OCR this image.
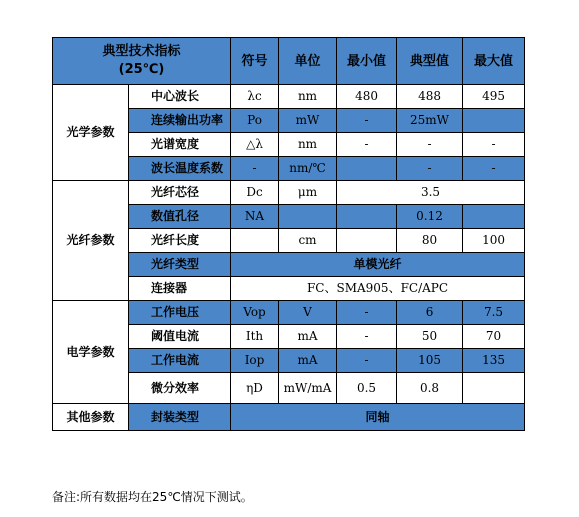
典型技术指标
(25℃)		符号	单位	最小值	典型值	最大值
光学参数	中心波长	λc	nm	480	488	495
	连续输出功率	Po	mW	-	25mW	
	光谱宽度	△λ	nm	-	-	-
	波长温度系数	-	nm/℃		-	-
光纤参数	光纤芯径	Dc	μm	3.5		
	数值孔径	NA			0.12	
	光纤长度		cm		80	100
	光纤类型	单模光纤				
	连接器	FC、SMA905、FC/APC				
电学参数	工作电压	Vop	V	-	6	7.5
	阈值电流	Ith	mA	-	50	70
	工作电流	Iop	mA	-	105	135
	微分效率	ηD	mW/mA	0.5	0.8	
其他参数	封装类型	同轴				
备注:所有数据均在25℃情况下测试。
